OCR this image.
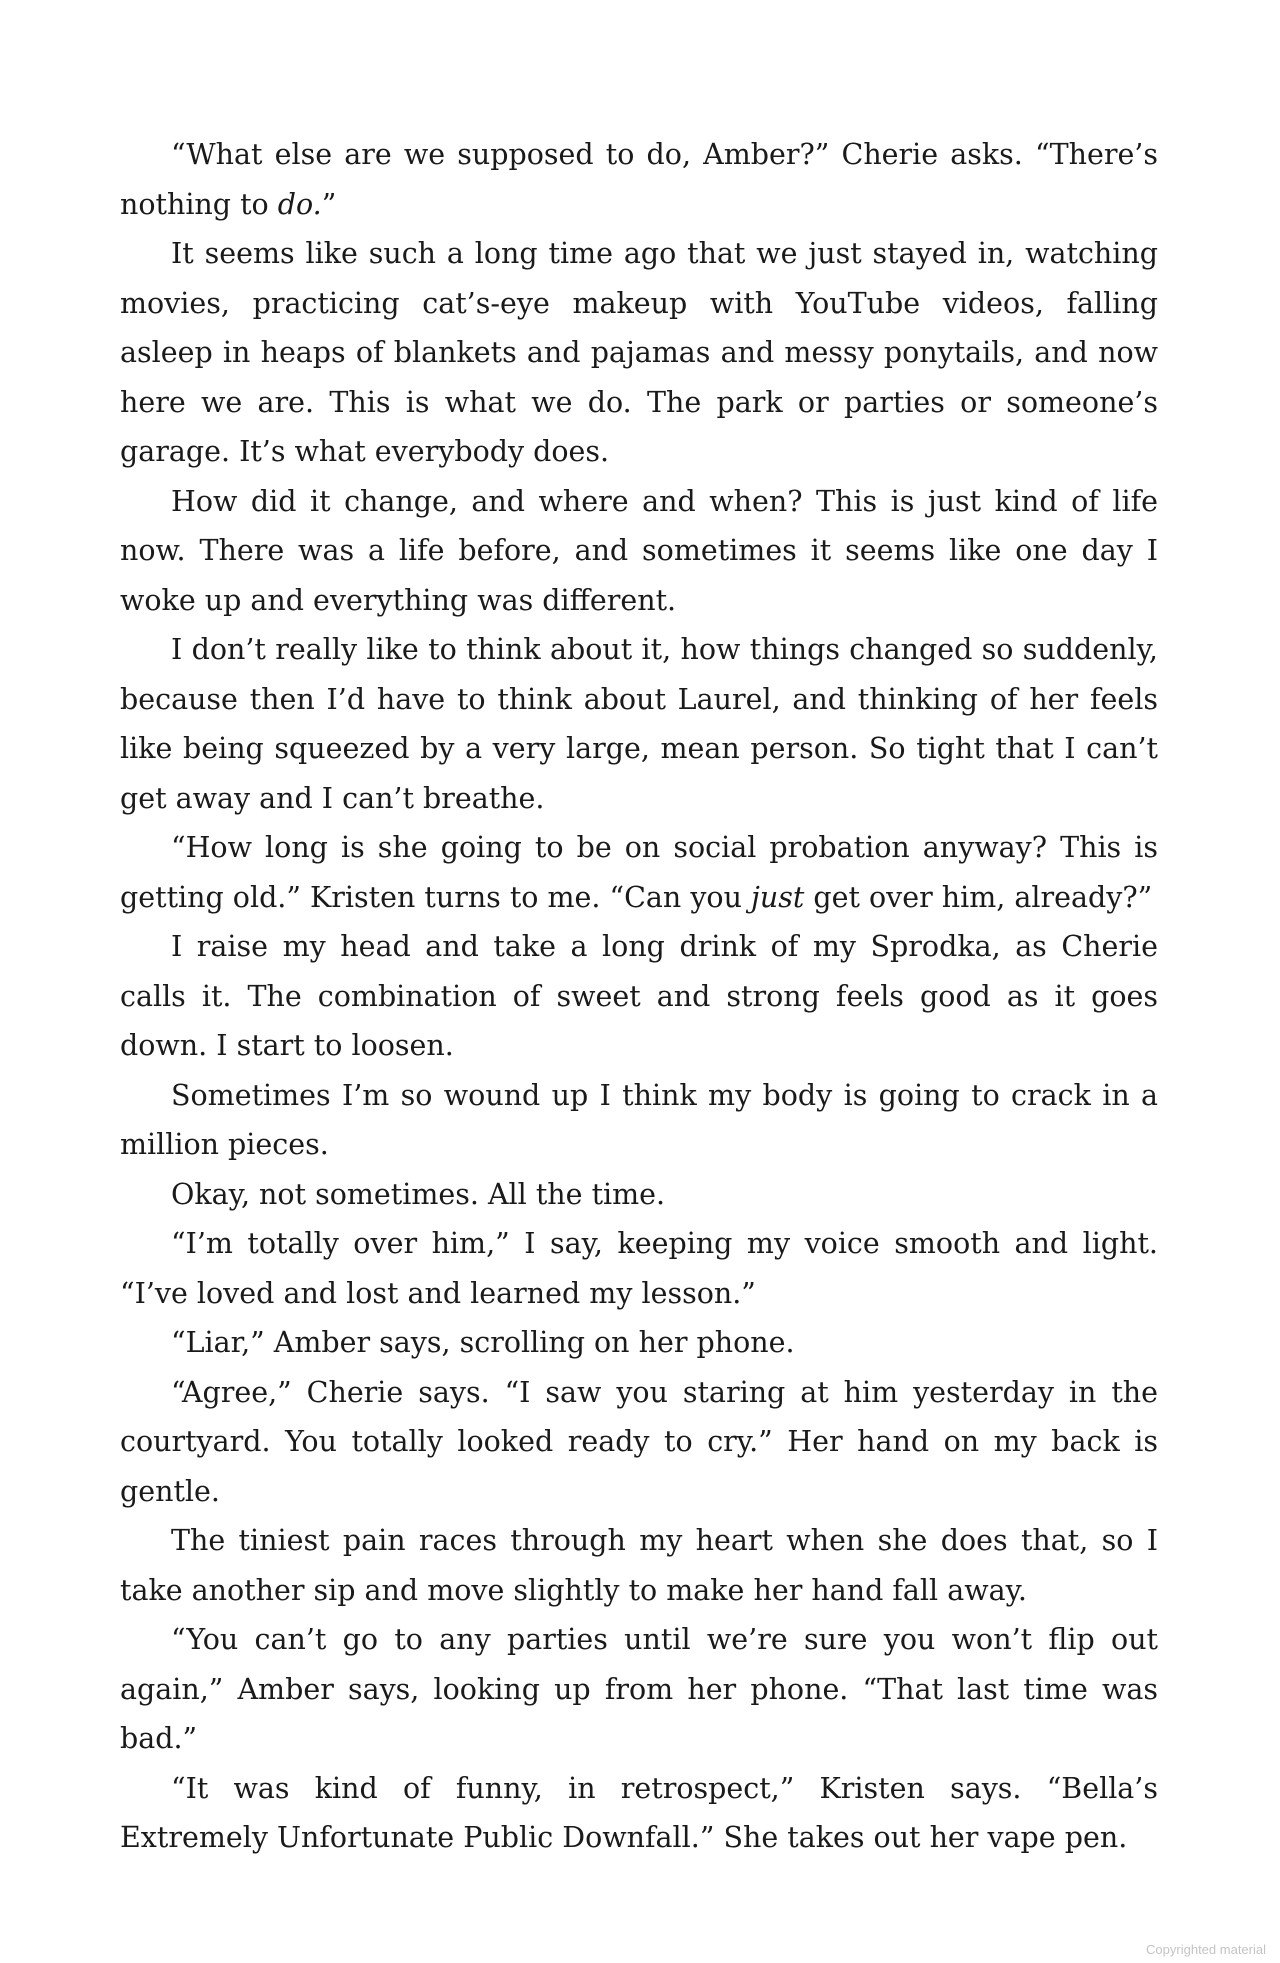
“What else are we supposed to do, Amber?” Cherie asks. “There’s nothing to do.”

It seems like such a long time ago that we just stayed in, watching movies, practicing cat’s-eye makeup with YouTube videos, falling asleep in heaps of blankets and pajamas and messy ponytails, and now here we are. This is what we do. The park or parties or someone’s garage. It’s what everybody does.

How did it change, and where and when? This is just kind of life now. There was a life before, and sometimes it seems like one day I woke up and everything was different.

I don’t really like to think about it, how things changed so suddenly, because then I’d have to think about Laurel, and thinking of her feels like being squeezed by a very large, mean person. So tight that I can’t get away and I can’t breathe.

“How long is she going to be on social probation anyway? This is getting old.” Kristen turns to me. “Can you just get over him, already?”

I raise my head and take a long drink of my Sprodka, as Cherie calls it. The combination of sweet and strong feels good as it goes down. I start to loosen.

Sometimes I’m so wound up I think my body is going to crack in a million pieces.

Okay, not sometimes. All the time.

“I’m totally over him,” I say, keeping my voice smooth and light. “I’ve loved and lost and learned my lesson.”

“Liar,” Amber says, scrolling on her phone.

“Agree,” Cherie says. “I saw you staring at him yesterday in the courtyard. You totally looked ready to cry.” Her hand on my back is gentle.

The tiniest pain races through my heart when she does that, so I take another sip and move slightly to make her hand fall away.

“You can’t go to any parties until we’re sure you won’t flip out again,” Amber says, looking up from her phone. “That last time was bad.”

“It was kind of funny, in retrospect,” Kristen says. “Bella’s Extremely Unfortunate Public Downfall.” She takes out her vape pen.

Copyrighted material
